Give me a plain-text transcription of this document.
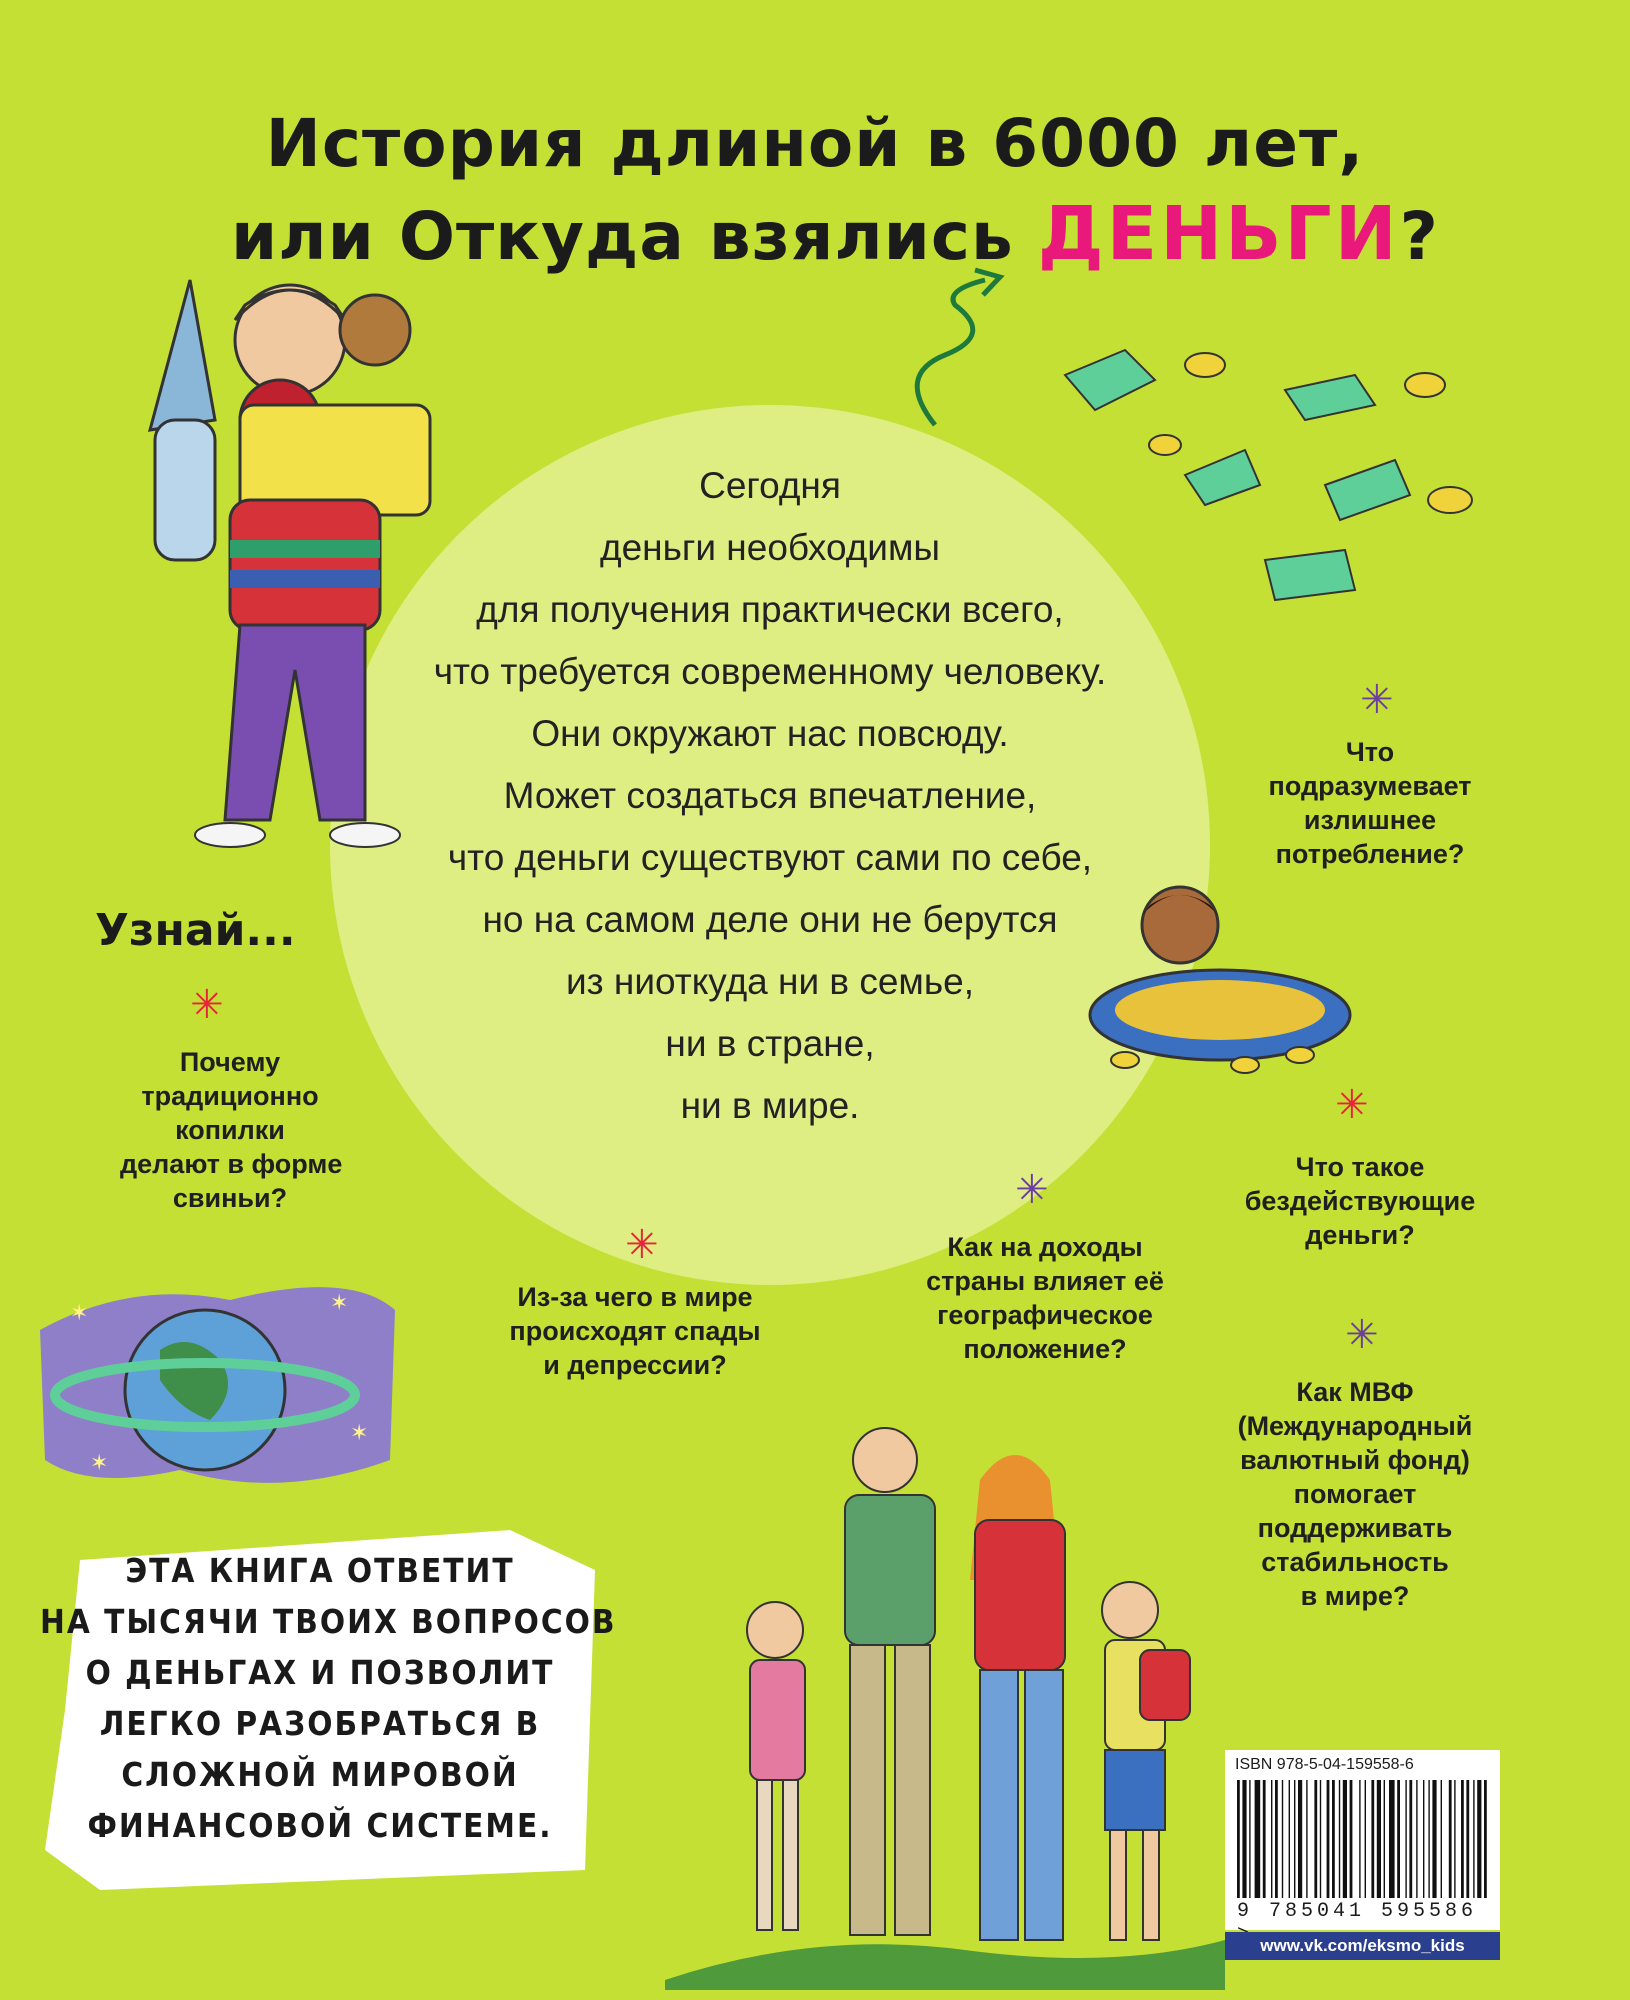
История длиной в 6000 лет,
или Откуда взялись ДЕНЬГИ?
Сегодня
деньги необходимы
для получения практически всего,
что требуется современному человеку.
Они окружают нас повсюду.
Может создаться впечатление,
что деньги существуют сами по себе,
но на самом деле они не берутся
из ниоткуда ни в семье,
ни в стране,
ни в мире.
✳
✳
✳
✳
✳
✳
Узнай...
Почему
традиционно
копилки
делают в форме
свиньи?
Что
подразумевает
излишнее
потребление?
Что такое
бездействующие
деньги?
Как на доходы
страны влияет её
географическое
положение?
Из-за чего в мире
происходят спады
и депрессии?
Как МВФ
(Международный
валютный фонд)
помогает
поддерживать
стабильность
в мире?
✶	✶
✶
✶
ЭТА КНИГА ОТВЕТИТ
НА ТЫСЯЧИ ТВОИХ ВОПРОСОВ
О ДЕНЬГАХ И ПОЗВОЛИТ
ЛЕГКО РАЗОБРАТЬСЯ В
СЛОЖНОЙ МИРОВОЙ
ФИНАНСОВОЙ СИСТЕМЕ.
ISBN 978-5-04-159558-6
9 785041 595586
www.vk.com/eksmo_kids
